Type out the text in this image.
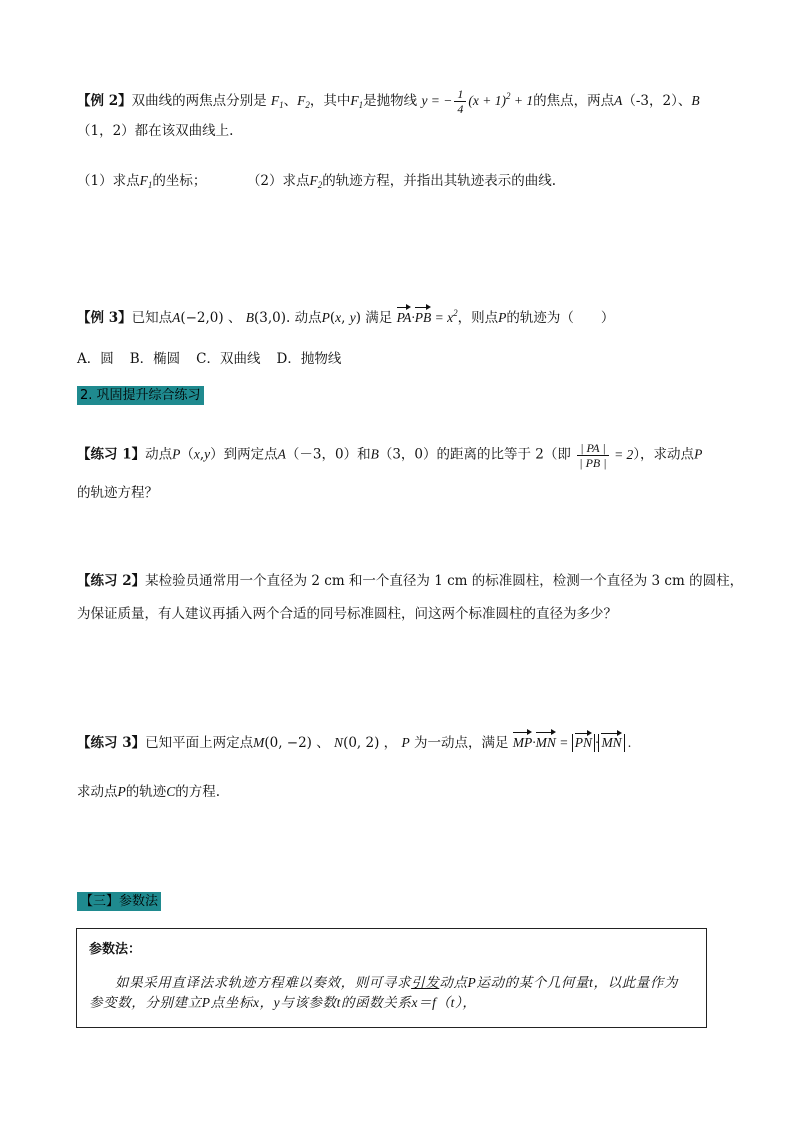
【例 2】双曲线的两焦点分别是 $F_1$、$F_2$，其中$F_1$是抛物线 y = − $\frac{1}{4} (x + 1)^2 + 1$的焦点，两点A（-3，2）、B
（1，2）都在该双曲线上.
（1）求点$F_1$的坐标；	（2）求点$F_2$的轨迹方程，并指出其轨迹表示的曲线.
【例 3】已知点A(−2,0) 、 B(3,0). 动点P(x, y) 满足 $PA\cdot PB = x^2$，则点P的轨迹为（　　）
A．圆 B．椭圆 C．双曲线 D．抛物线
2. 巩固提升综合练习
【练习 1】动点P（x,y）到两定点A（－3，0）和B（3，0）的距离的比等于 2（即 $\frac{| PA |}{| PB |} = 2$），求动点P
的轨迹方程？
【练习 2】某检验员通常用一个直径为 2 cm 和一个直径为 1 cm 的标准圆柱，检测一个直径为 3 cm 的圆柱，
为保证质量，有人建议再插入两个合适的同号标准圆柱，问这两个标准圆柱的直径为多少？
【练习 3】已知平面上两定点M(0, −2) 、 N(0, 2) ， P 为一动点，满足 MP·MN = PN · MN .
求动点P的轨迹C的方程.
【三】参数法
参数法：
如果采用直译法求轨迹方程难以奏效，则可寻求引发动点P运动的某个几何量t，以此量作为参变数，分别建立P点坐标x，y与该参数t的函数关系x＝f（t），
